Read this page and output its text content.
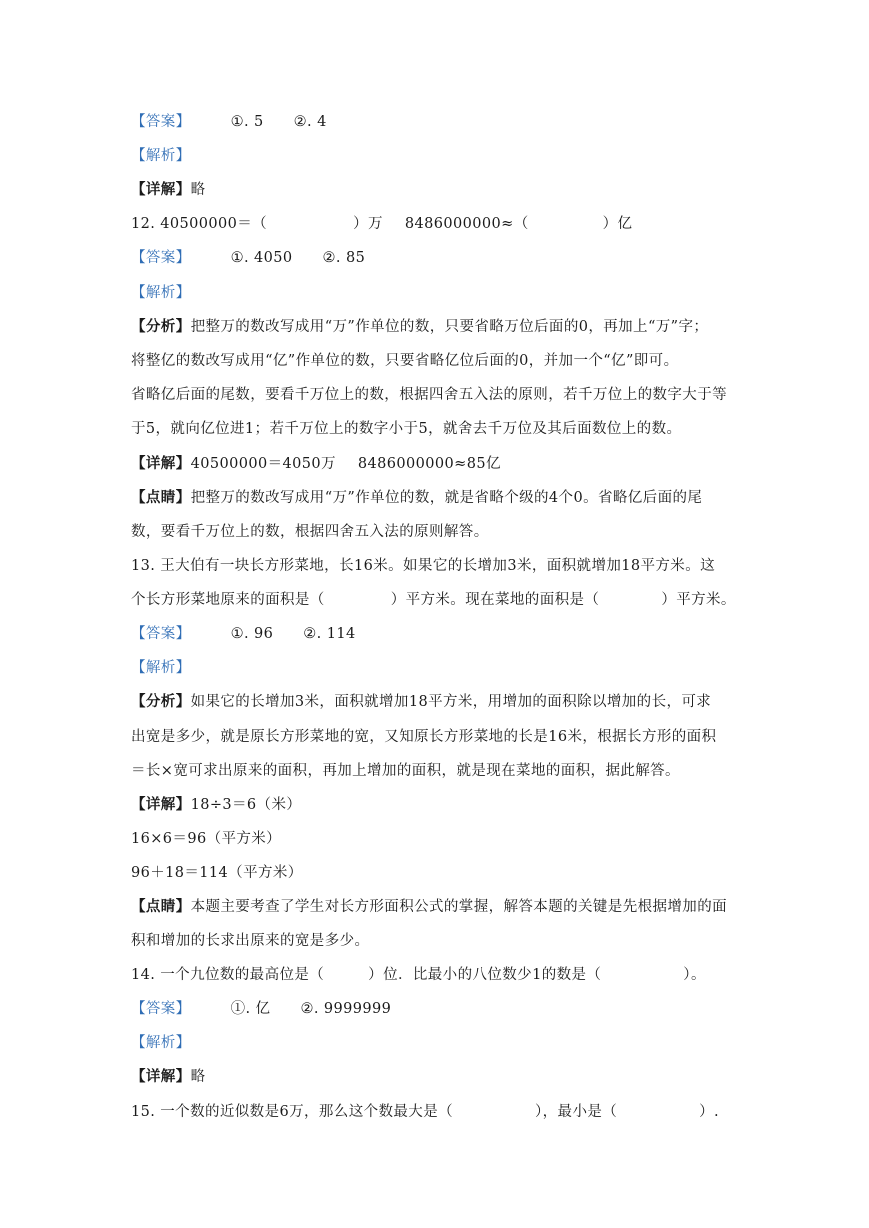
【答案】	①. 5 ②. 4
【解析】
【详解】略
12. 40500000＝（	）万 8486000000≈（	）亿
【答案】	①. 4050 ②. 85
【解析】
【分析】把整万的数改写成用“万”作单位的数，只要省略万位后面的0，再加上“万”字；
将整亿的数改写成用“亿”作单位的数，只要省略亿位后面的0，并加一个“亿”即可。
省略亿后面的尾数，要看千万位上的数，根据四舍五入法的原则，若千万位上的数字大于等
于5，就向亿位进1；若千万位上的数字小于5，就舍去千万位及其后面数位上的数。
【详解】40500000＝4050万 8486000000≈85亿
【点睛】把整万的数改写成用“万”作单位的数，就是省略个级的4个0。省略亿后面的尾
数，要看千万位上的数，根据四舍五入法的原则解答。
13. 王大伯有一块长方形菜地，长16米。如果它的长增加3米，面积就增加18平方米。这
个长方形菜地原来的面积是（	）平方米。现在菜地的面积是（	）平方米。
【答案】	①. 96 ②. 114
【解析】
【分析】如果它的长增加3米，面积就增加18平方米，用增加的面积除以增加的长，可求
出宽是多少，就是原长方形菜地的宽，又知原长方形菜地的长是16米，根据长方形的面积
＝长×宽可求出原来的面积，再加上增加的面积，就是现在菜地的面积，据此解答。
【详解】18÷3＝6（米）
16×6＝96（平方米）
96＋18＝114（平方米）
【点睛】本题主要考查了学生对长方形面积公式的掌握，解答本题的关键是先根据增加的面
积和增加的长求出原来的宽是多少。
14. 一个九位数的最高位是（	）位．比最小的八位数少1的数是（	）。
【答案】	①. 亿 ②. 9999999
【解析】
【详解】略
15. 一个数的近似数是6万，那么这个数最大是（	），最小是（	）.
